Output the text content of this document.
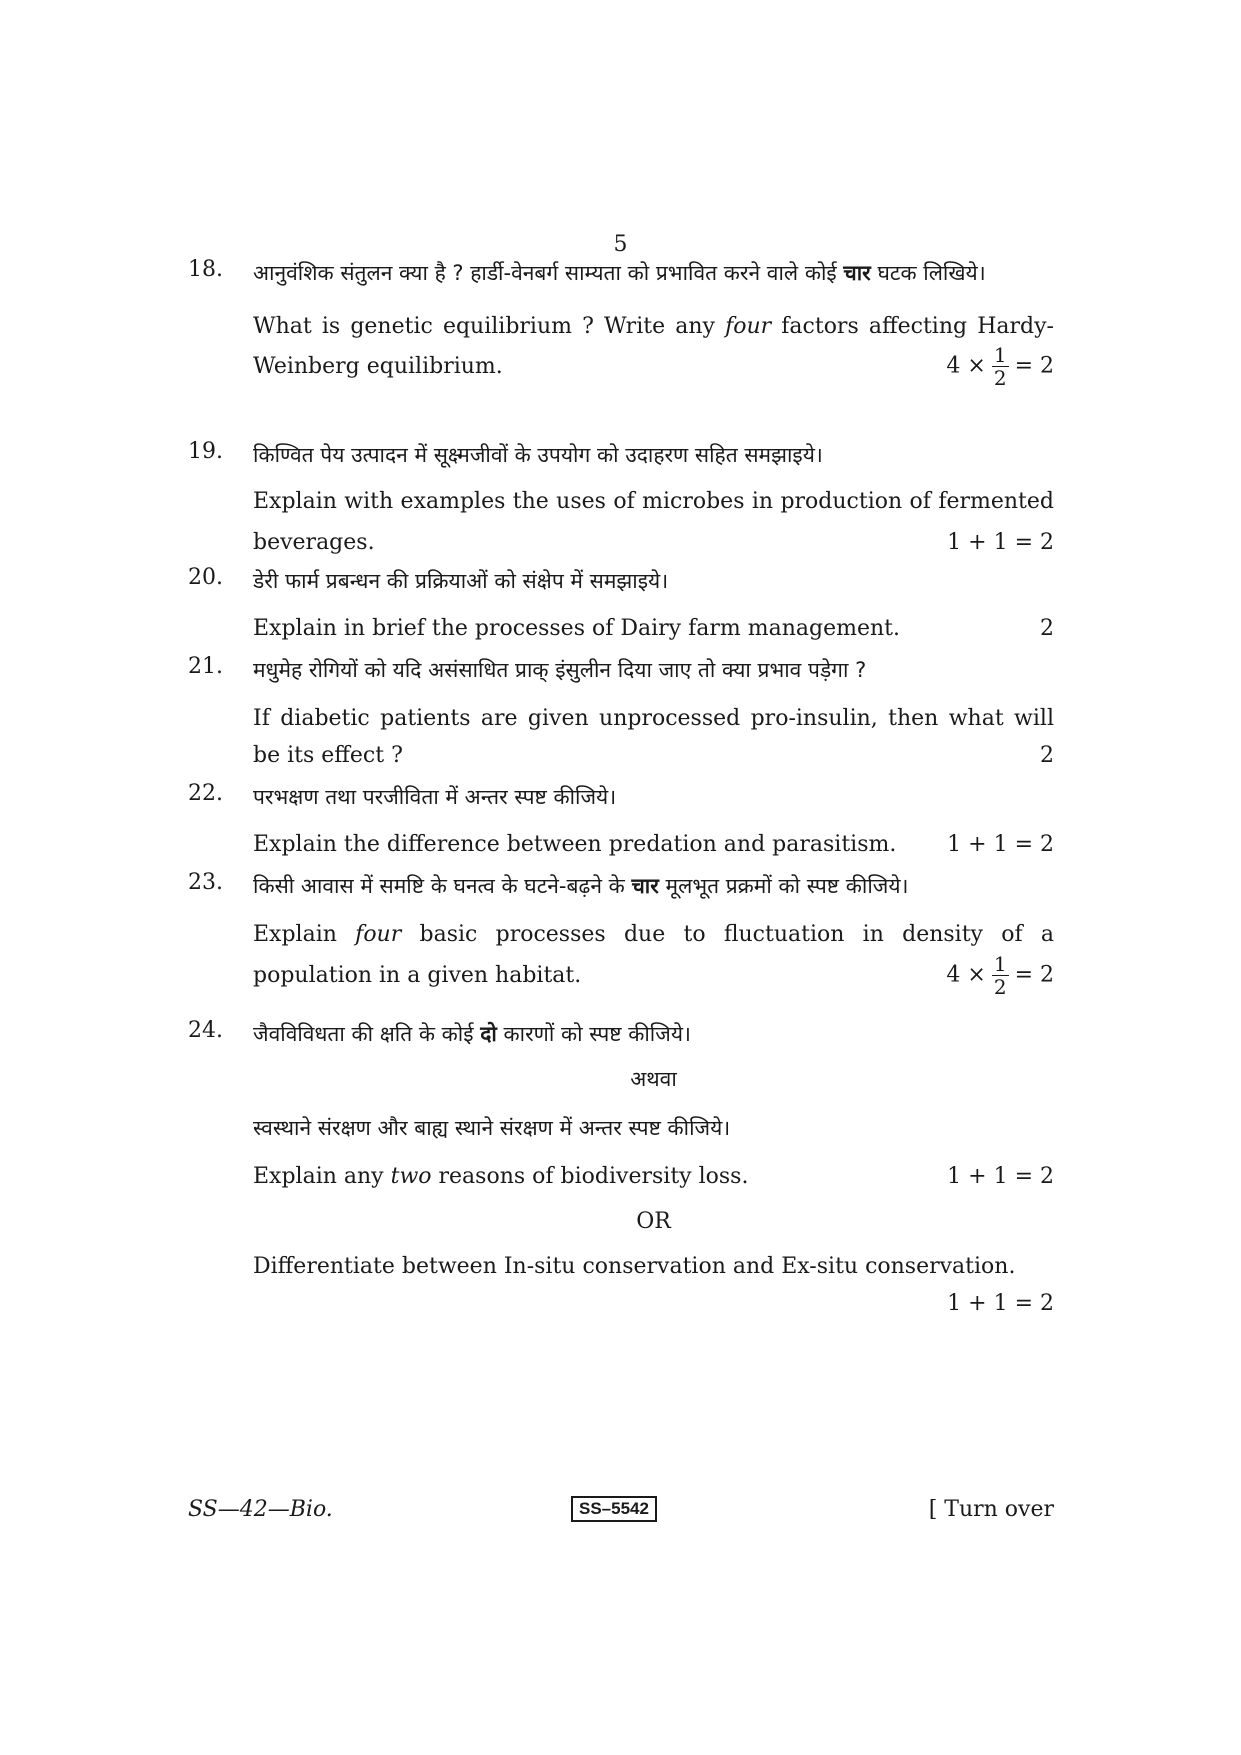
5
18. आनुवंशिक संतुलन क्या है ? हार्डी-वेनबर्ग साम्यता को प्रभावित करने वाले कोई चार घटक लिखिये।
What is genetic equilibrium ? Write any four factors affecting Hardy-
Weinberg equilibrium.	$4 \times \frac{1}{2} = 2$
19. किण्वित पेय उत्पादन में सूक्ष्मजीवों के उपयोग को उदाहरण सहित समझाइये।
Explain with examples the uses of microbes in production of fermented
beverages.	1 + 1 = 2
20. डेरी फार्म प्रबन्धन की प्रक्रियाओं को संक्षेप में समझाइये।
Explain in brief the processes of Dairy farm management.	2
21. मधुमेह रोगियों को यदि असंसाधित प्राक् इंसुलीन दिया जाए तो क्या प्रभाव पड़ेगा ?
If diabetic patients are given unprocessed pro-insulin, then what will
be its effect ?	2
22. परभक्षण तथा परजीविता में अन्तर स्पष्ट कीजिये।
Explain the difference between predation and parasitism. 1 + 1 = 2
23. किसी आवास में समष्टि के घनत्व के घटने-बढ़ने के चार मूलभूत प्रक्रमों को स्पष्ट कीजिये।
Explain four basic processes due to fluctuation in density of a
population in a given habitat.	$4 \times \frac{1}{2} = 2$
24. जैवविविधता की क्षति के कोई दो कारणों को स्पष्ट कीजिये।
अथवा
स्वस्थाने संरक्षण और बाह्य स्थाने संरक्षण में अन्तर स्पष्ट कीजिये।
Explain any two reasons of biodiversity loss.	1 + 1 = 2
OR
Differentiate between In-situ conservation and Ex-situ conservation.
1 + 1 = 2
SS—42—Bio.	SS–5542	[ Turn over
